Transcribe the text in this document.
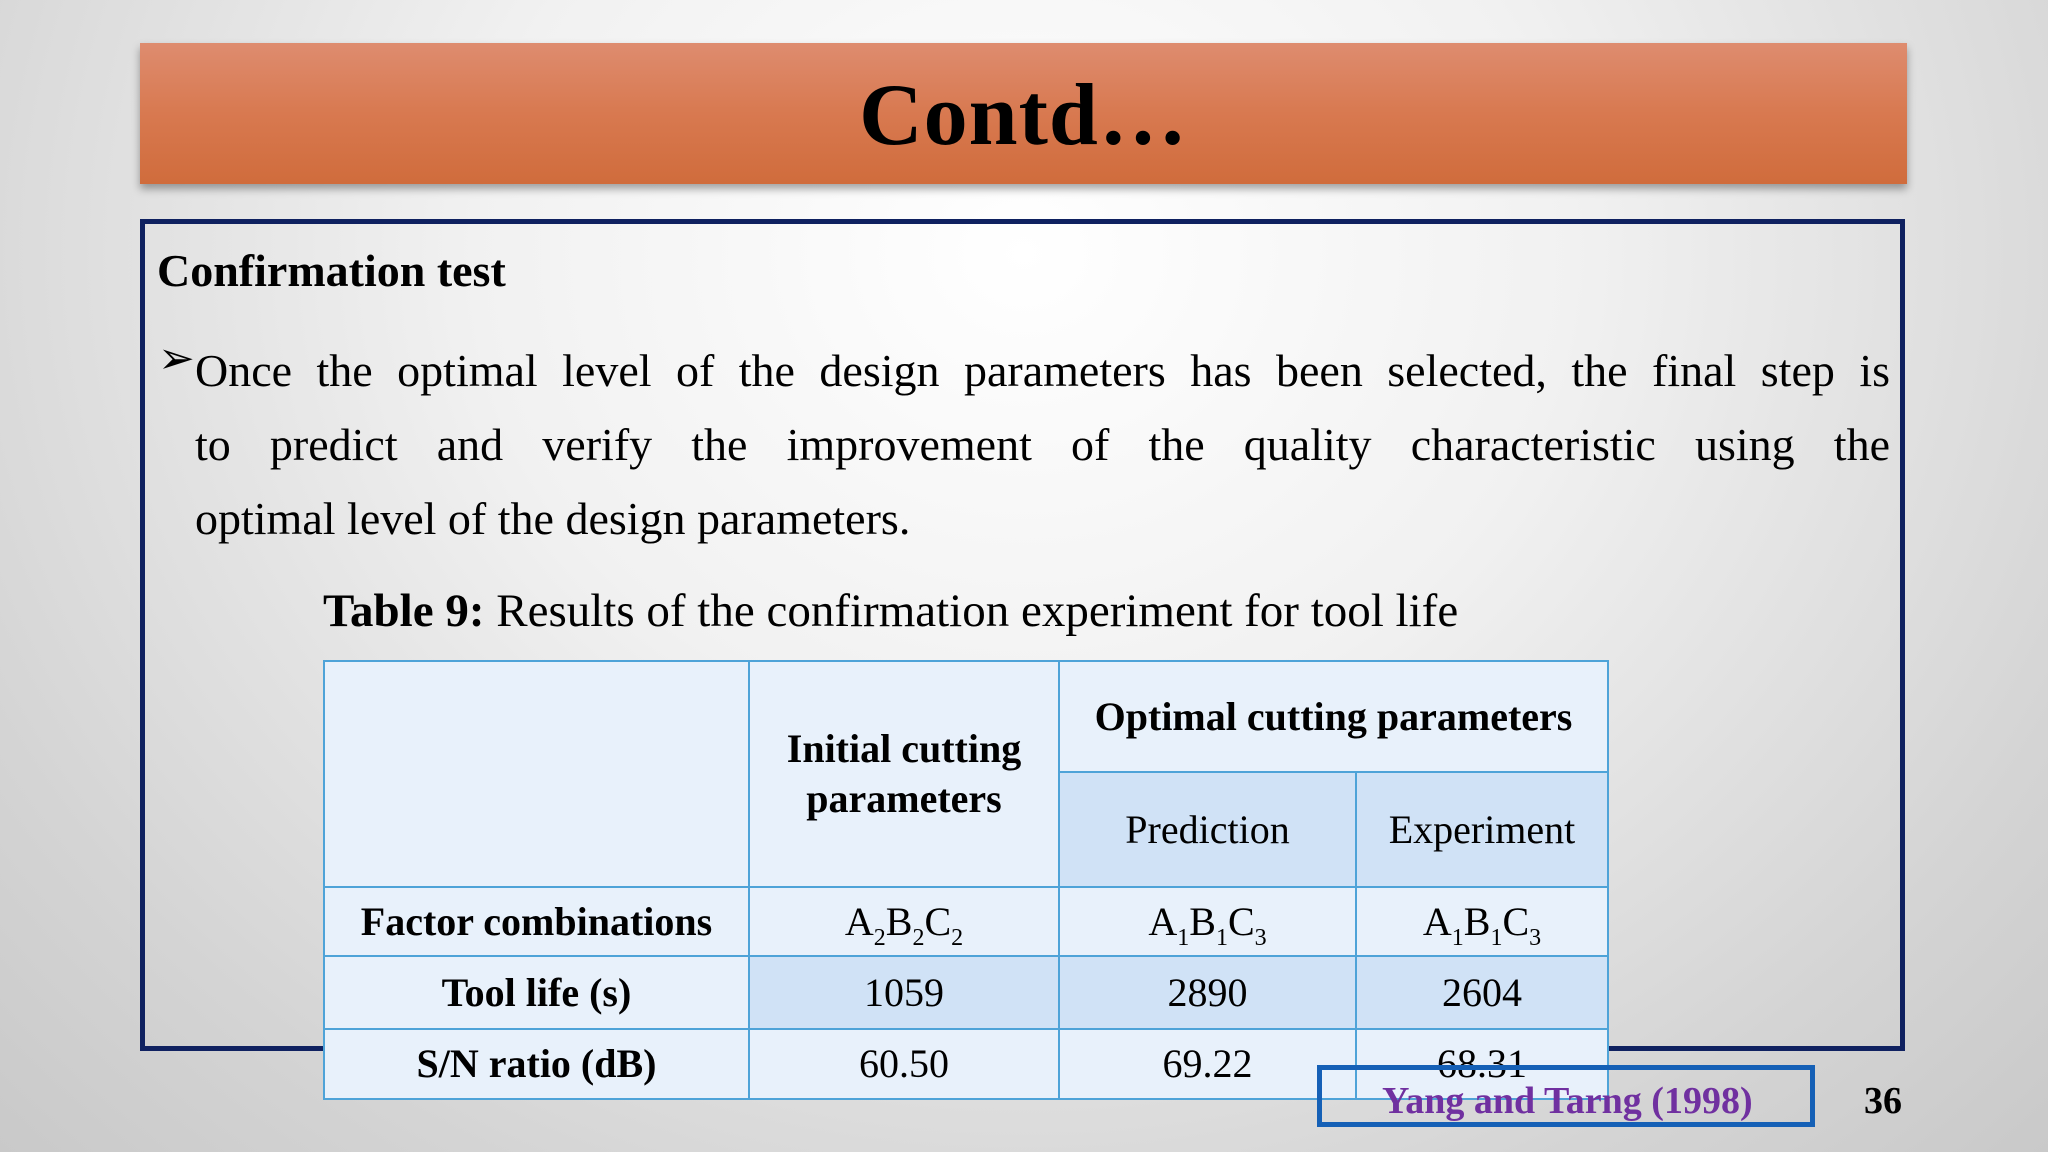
Contd…
Confirmation test
➢ Once the optimal level of the design parameters has been selected, the final step is
to predict and verify the improvement of the quality characteristic using the
optimal level of the design parameters.
Table 9: Results of the confirmation experiment for tool life
	Initial cutting parameters	Optimal cutting parameters	
		Prediction	Experiment
Factor combinations	$A_2B_2C_2$	$A_1B_1C_3$	$A_1B_1C_3$
Tool life (s)	1059	2890	2604
S/N ratio (dB)	60.50	69.22	68.31
Yang and Tarng (1998)	36
